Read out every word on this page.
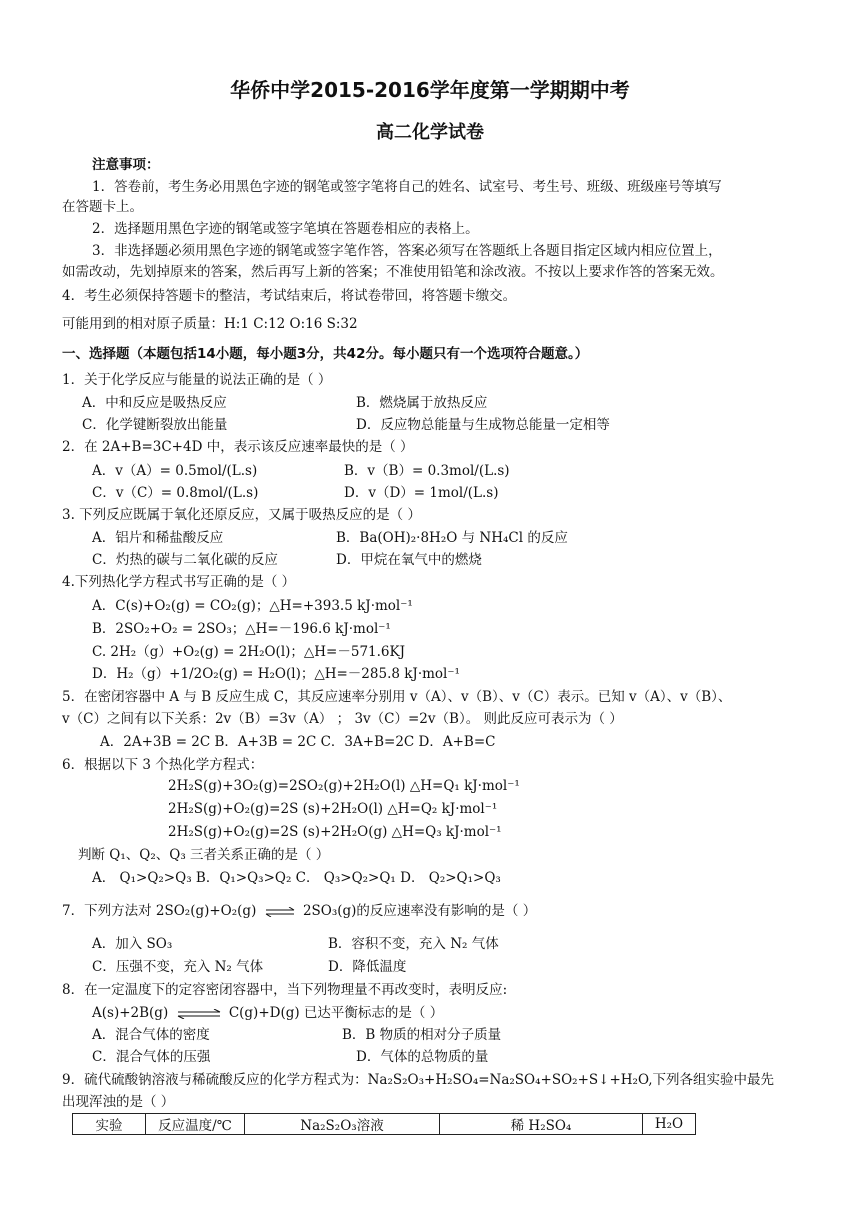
华侨中学2015-2016学年度第一学期期中考
高二化学试卷
注意事项：
1．答卷前，考生务必用黑色字迹的钢笔或签字笔将自己的姓名、试室号、考生号、班级、班级座号等填写
在答题卡上。
2．选择题用黑色字迹的钢笔或签字笔填在答题卷相应的表格上。
3．非选择题必须用黑色字迹的钢笔或签字笔作答，答案必须写在答题纸上各题目指定区域内相应位置上，
如需改动，先划掉原来的答案，然后再写上新的答案；不准使用铅笔和涂改液。不按以上要求作答的答案无效。
4．考生必须保持答题卡的整洁，考试结束后，将试卷带回，将答题卡缴交。
可能用到的相对原子质量：H:1 C:12 O:16 S:32
一、选择题（本题包括14小题，每小题3分，共42分。每小题只有一个选项符合题意。）
1．关于化学反应与能量的说法正确的是（ ）
A．中和反应是吸热反应	B．燃烧属于放热反应
C．化学键断裂放出能量	D．反应物总能量与生成物总能量一定相等
2．在 2A+B=3C+4D 中，表示该反应速率最快的是（ ）
A．v（A）= 0.5mol/(L.s)	B．v（B）= 0.3mol/(L.s)
C．v（C）= 0.8mol/(L.s)	D．v（D）= 1mol/(L.s)
3. 下列反应既属于氧化还原反应，又属于吸热反应的是（ ）
A．铝片和稀盐酸反应	B．Ba(OH)₂·8H₂O 与 NH₄Cl 的反应
C．灼热的碳与二氧化碳的反应	D．甲烷在氧气中的燃烧
4.下列热化学方程式书写正确的是（ ）
A．C(s)+O₂(g) = CO₂(g)；△H=+393.5 kJ·mol⁻¹
B．2SO₂+O₂ = 2SO₃；△H=－196.6 kJ·mol⁻¹
C. 2H₂（g）+O₂(g) = 2H₂O(l)；△H=－571.6KJ
D．H₂（g）+1/2O₂(g) = H₂O(l)；△H=－285.8 kJ·mol⁻¹
5．在密闭容器中 A 与 B 反应生成 C，其反应速率分别用 v（A）、v（B）、v（C）表示。已知 v（A）、v（B）、
v（C）之间有以下关系：2v（B）=3v（A） ； 3v（C）=2v（B）。 则此反应可表示为（ ）
A．2A+3B = 2C B．A+3B = 2C C．3A+B=2C D．A+B=C
6．根据以下 3 个热化学方程式：
2H₂S(g)+3O₂(g)=2SO₂(g)+2H₂O(l) △H=Q₁ kJ·mol⁻¹
2H₂S(g)+O₂(g)=2S (s)+2H₂O(l) △H=Q₂ kJ·mol⁻¹
2H₂S(g)+O₂(g)=2S (s)+2H₂O(g) △H=Q₃ kJ·mol⁻¹
判断 Q₁、Q₂、Q₃ 三者关系正确的是（ ）
A． Q₁>Q₂>Q₃ B．Q₁>Q₃>Q₂ C． Q₃>Q₂>Q₁ D． Q₂>Q₁>Q₃
7．下列方法对 2SO₂(g)+O₂(g) ⇌ 2SO₃(g)的反应速率没有影响的是（ ）
A．加入 SO₃	B．容积不变，充入 N₂ 气体
C．压强不变，充入 N₂ 气体	D．降低温度
8．在一定温度下的定容密闭容器中，当下列物理量不再改变时，表明反应:
A(s)+2B(g) ⇌ C(g)+D(g) 已达平衡标志的是（ ）
A．混合气体的密度	B．B 物质的相对分子质量
C．混合气体的压强	D．气体的总物质的量
9．硫代硫酸钠溶液与稀硫酸反应的化学方程式为：Na₂S₂O₃+H₂SO₄=Na₂SO₄+SO₂+S↓+H₂O,下列各组实验中最先
出现浑浊的是（ ）
实验	反应温度/℃	Na₂S₂O₃溶液	稀 H₂SO₄	H₂O
